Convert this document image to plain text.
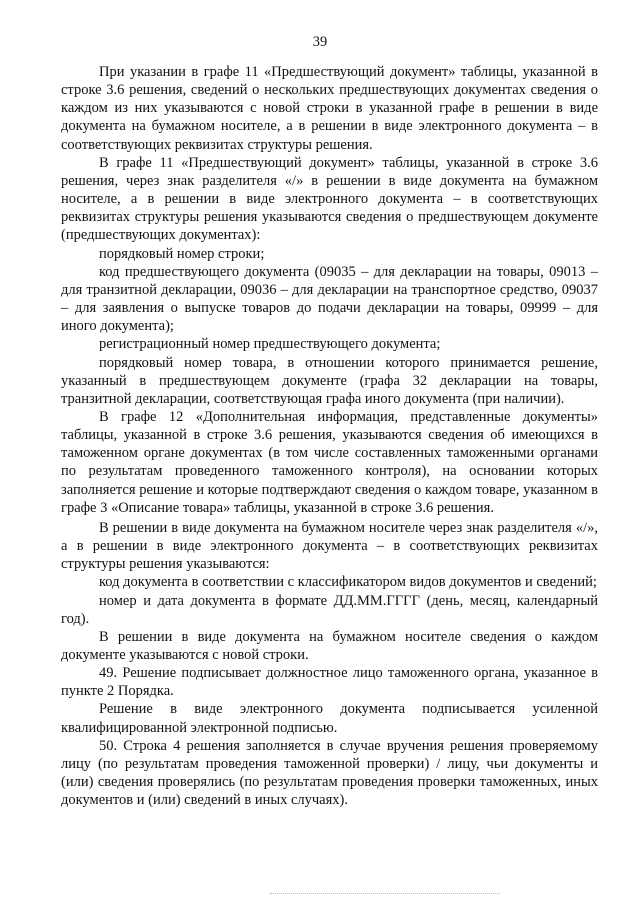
39

При указании в графе 11 «Предшествующий документ» таблицы, указанной в строке 3.6 решения, сведений о нескольких предшествующих документах сведения о каждом из них указываются с новой строки в указанной графе в решении в виде документа на бумажном носителе, а в решении в виде электронного документа – в соответствующих реквизитах структуры решения.

В графе 11 «Предшествующий документ» таблицы, указанной в строке 3.6 решения, через знак разделителя «/» в решении в виде документа на бумажном носителе, а в решении в виде электронного документа – в соответствующих реквизитах структуры решения указываются сведения о предшествующем документе (предшествующих документах):

порядковый номер строки;

код предшествующего документа (09035 – для декларации на товары, 09013 – для транзитной декларации, 09036 – для декларации на транспортное средство, 09037 – для заявления о выпуске товаров до подачи декларации на товары, 09999 – для иного документа);

регистрационный номер предшествующего документа;

порядковый номер товара, в отношении которого принимается решение, указанный в предшествующем документе (графа 32 декларации на товары, транзитной декларации, соответствующая графа иного документа (при наличии).

В графе 12 «Дополнительная информация, представленные документы» таблицы, указанной в строке 3.6 решения, указываются сведения об имеющихся в таможенном органе документах (в том числе составленных таможенными органами по результатам проведенного таможенного контроля), на основании которых заполняется решение и которые подтверждают сведения о каждом товаре, указанном в графе 3 «Описание товара» таблицы, указанной в строке 3.6 решения.

В решении в виде документа на бумажном носителе через знак разделителя «/», а в решении в виде электронного документа – в соответствующих реквизитах структуры решения указываются:

код документа в соответствии с классификатором видов документов и сведений;

номер и дата документа в формате ДД.ММ.ГГГГ (день, месяц, календарный год).

В решении в виде документа на бумажном носителе сведения о каждом документе указываются с новой строки.

49. Решение подписывает должностное лицо таможенного органа, указанное в пункте 2 Порядка.

Решение в виде электронного документа подписывается усиленной квалифицированной электронной подписью.

50. Строка 4 решения заполняется в случае вручения решения проверяемому лицу (по результатам проведения таможенной проверки) / лицу, чьи документы и (или) сведения проверялись (по результатам проведения проверки таможенных, иных документов и (или) сведений в иных случаях).
